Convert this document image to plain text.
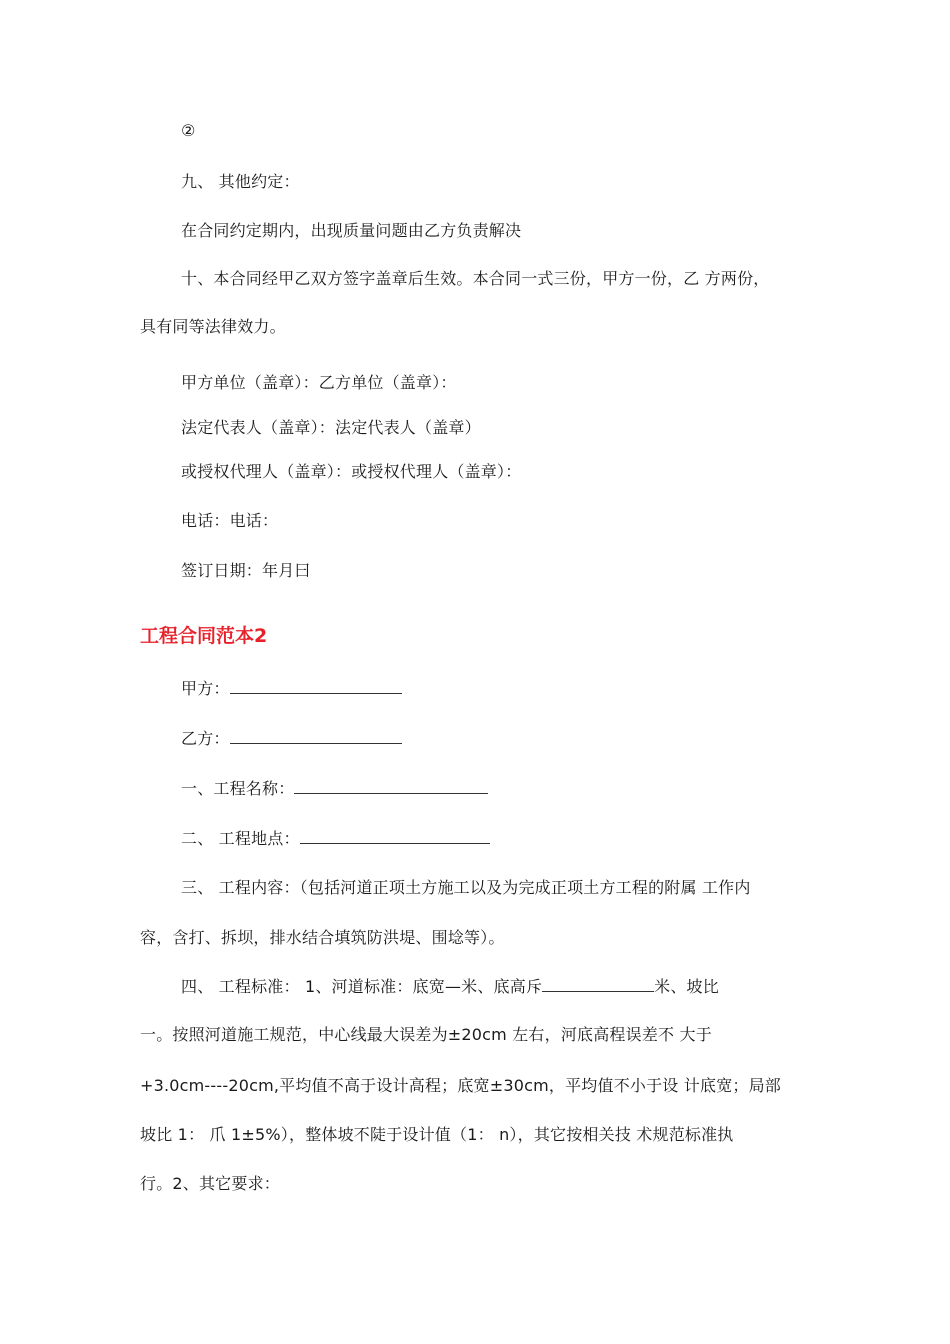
②
九、 其他约定：
在合同约定期内，出现质量问题由乙方负责解决
十、本合同经甲乙双方签字盖章后生效。本合同一式三份，甲方一份，乙 方两份，
具有同等法律效力。
甲方单位（盖章）：乙方单位（盖章）：
法定代表人（盖章）：法定代表人（盖章）
或授权代理人（盖章）：或授权代理人（盖章）：
电话：电话：
签订日期：年月曰
工程合同范本2
甲方：
乙方：
一、工程名称：
二、 工程地点：
三、 工程内容：（包括河道正项土方施工以及为完成正项土方工程的附属 工作内
容，含打、拆坝，排水结合填筑防洪堤、围埝等）。
四、 工程标准： 1、河道标准：底宽—米、底高斥	米、坡比
一。按照河道施工规范，中心线最大误差为±20cm 左右，河底高程误差不 大于
+3.0cm----20cm,平均值不高于设计高程；底宽±30cm，平均值不小于设 计底宽；局部
坡比 1： 爪 1±5%），整体坡不陡于设计值（1： n），其它按相关技 术规范标准执
行。2、其它要求：
